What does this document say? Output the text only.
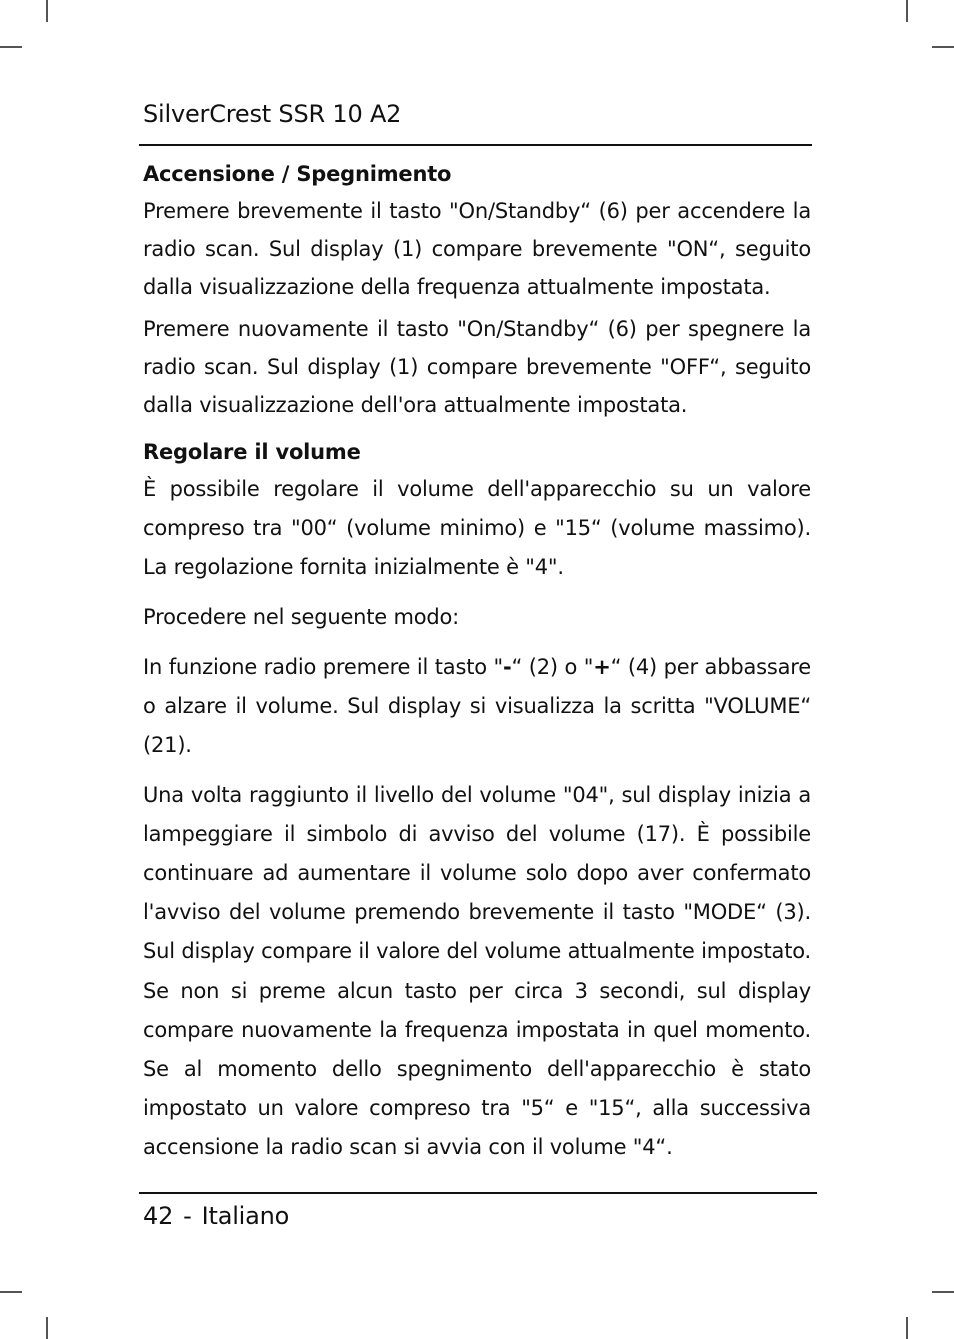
SilverCrest SSR 10 A2
Accensione / Spegnimento

Premere brevemente il tasto "On/Standby“ (6) per accendere la radio scan. Sul display (1) compare brevemente "ON“, seguito dalla visualizzazione della frequenza attualmente impostata.

Premere nuovamente il tasto "On/Standby“ (6) per spegnere la radio scan. Sul display (1) compare brevemente "OFF“, seguito dalla visualizzazione dell'ora attualmente impostata.

Regolare il volume

È possibile regolare il volume dell'apparecchio su un valore compreso tra "00“ (volume minimo) e "15“ (volume massimo). La regolazione fornita inizialmente è "4".

Procedere nel seguente modo:

In funzione radio premere il tasto "-“ (2) o "+“ (4) per abbassare o alzare il volume. Sul display si visualizza la scritta "VOLUME“ (21).

Una volta raggiunto il livello del volume "04", sul display inizia a lampeggiare il simbolo di avviso del volume (17). È possibile continuare ad aumentare il volume solo dopo aver confermato l'avviso del volume premendo brevemente il tasto "MODE“ (3). Sul display compare il valore del volume attualmente impostato. Se non si preme alcun tasto per circa 3 secondi, sul display compare nuovamente la frequenza impostata in quel momento. Se al momento dello spegnimento dell'apparecchio è stato impostato un valore compreso tra "5“ e "15“, alla successiva accensione la radio scan si avvia con il volume "4“.

42 - Italiano
